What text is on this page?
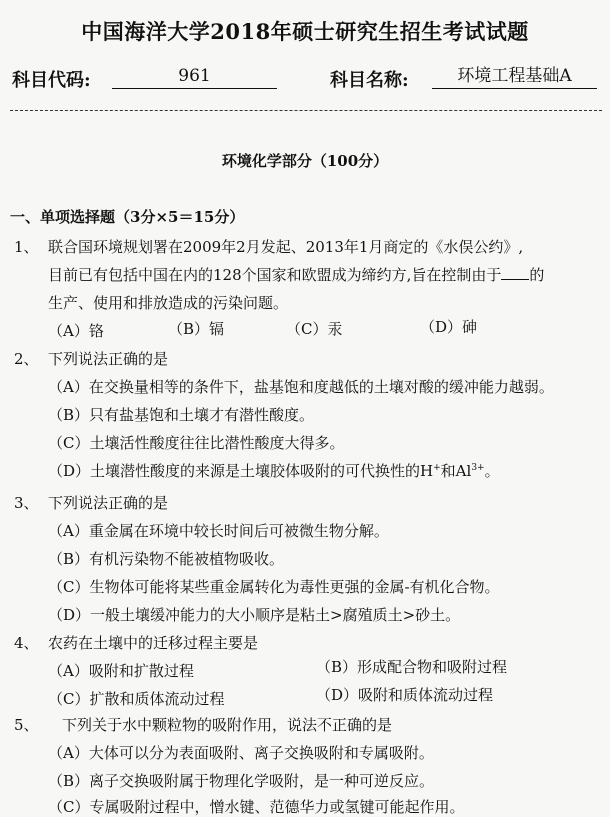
中国海洋大学2018年硕士研究生招生考试试题
科目代码:	961	科目名称:	环境工程基础A
环境化学部分（100分）
一、单项选择题（3分×5＝15分）
1、 联合国环境规划署在2009年2月发起、2013年1月商定的《水俣公约》,
目前已有包括中国在内的128个国家和欧盟成为缔约方,旨在控制由于 的
生产、使用和排放造成的污染问题。
（A）铬	（B）镉	（C）汞	（D）砷
2、 下列说法正确的是
（A）在交换量相等的条件下，盐基饱和度越低的土壤对酸的缓冲能力越弱。
（B）只有盐基饱和土壤才有潜性酸度。
（C）土壤活性酸度往往比潜性酸度大得多。
（D）土壤潜性酸度的来源是土壤胶体吸附的可代换性的H+和$Al^{3+}$。
3、 下列说法正确的是
（A）重金属在环境中较长时间后可被微生物分解。
（B）有机污染物不能被植物吸收。
（C）生物体可能将某些重金属转化为毒性更强的金属-有机化合物。
（D）一般土壤缓冲能力的大小顺序是粘土>腐殖质土>砂土。
4、 农药在土壤中的迁移过程主要是
（A）吸附和扩散过程	（B）形成配合物和吸附过程
（C）扩散和质体流动过程	（D）吸附和质体流动过程
5、 下列关于水中颗粒物的吸附作用，说法不正确的是
（A）大体可以分为表面吸附、离子交换吸附和专属吸附。
（B）离子交换吸附属于物理化学吸附，是一种可逆反应。
（C）专属吸附过程中，憎水键、范德华力或氢键可能起作用。
